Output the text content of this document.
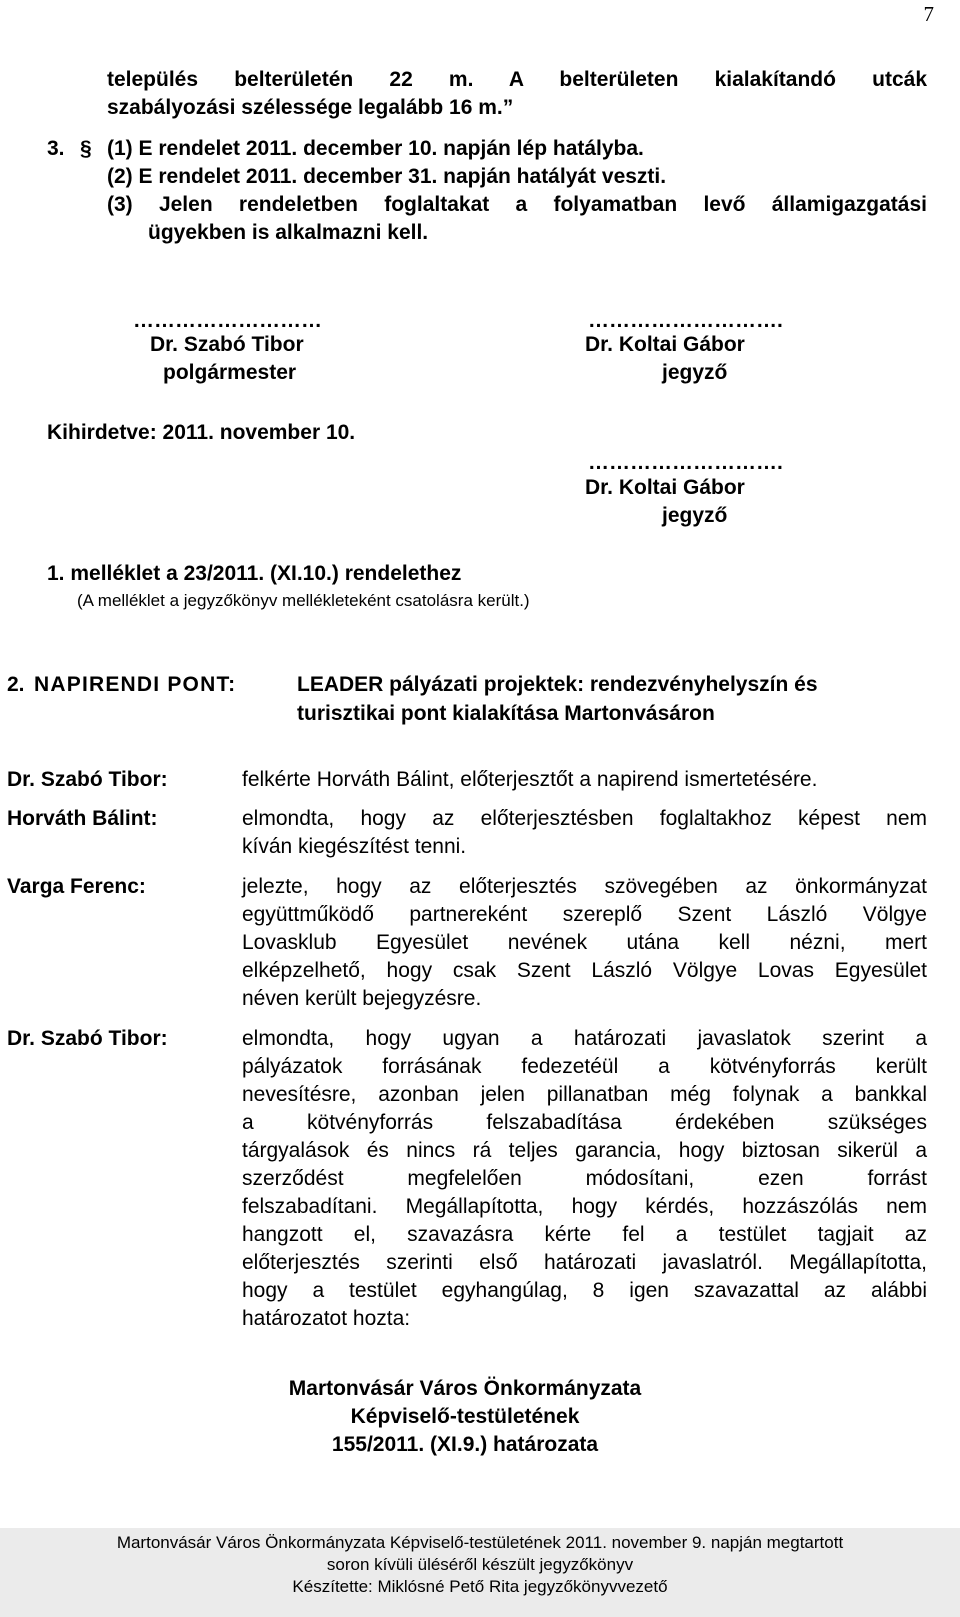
7
település belterületén 22 m. A belterületen kialakítandó utcák
szabályozási szélessége legalább 16 m.”
3. § (1) E rendelet 2011. december 10. napján lép hatályba.
(2) E rendelet 2011. december 31. napján hatályát veszti.
(3) Jelen rendeletben foglaltakat a folyamatban levő államigazgatási
ügyekben is alkalmazni kell.
………………………
Dr. Szabó Tibor
polgármester
……………………….
Dr. Koltai Gábor
jegyző
Kihirdetve: 2011. november 10.
……………………….
Dr. Koltai Gábor
jegyző
1. melléklet a 23/2011. (XI.10.) rendelethez
(A melléklet a jegyzőkönyv mellékleteként csatolásra került.)
2. NAPIRENDI PONT:	LEADER pályázati projektek: rendezvényhelyszín és
turisztikai pont kialakítása Martonvásáron
Dr. Szabó Tibor:	felkérte Horváth Bálint, előterjesztőt a napirend ismertetésére.
Horváth Bálint:	elmondta, hogy az előterjesztésben foglaltakhoz képest nem
kíván kiegészítést tenni.
Varga Ferenc:	jelezte, hogy az előterjesztés szövegében az önkormányzat
együttműködő partnereként szereplő Szent László Völgye
Lovasklub Egyesület nevének utána kell nézni, mert
elképzelhető, hogy csak Szent László Völgye Lovas Egyesület
néven került bejegyzésre.
Dr. Szabó Tibor:	elmondta, hogy ugyan a határozati javaslatok szerint a
pályázatok forrásának fedezetéül a kötvényforrás került
nevesítésre, azonban jelen pillanatban még folynak a bankkal
a kötvényforrás felszabadítása érdekében szükséges
tárgyalások és nincs rá teljes garancia, hogy biztosan sikerül a
szerződést megfelelően módosítani, ezen forrást
felszabadítani. Megállapította, hogy kérdés, hozzászólás nem
hangzott el, szavazásra kérte fel a testület tagjait az
előterjesztés szerinti első határozati javaslatról. Megállapította,
hogy a testület egyhangúlag, 8 igen szavazattal az alábbi
határozatot hozta:
Martonvásár Város Önkormányzata
Képviselő-testületének
155/2011. (XI.9.) határozata
Martonvásár Város Önkormányzata Képviselő-testületének 2011. november 9. napján megtartott
soron kívüli üléséről készült jegyzőkönyv
Készítette: Miklósné Pető Rita jegyzőkönyvvezető
